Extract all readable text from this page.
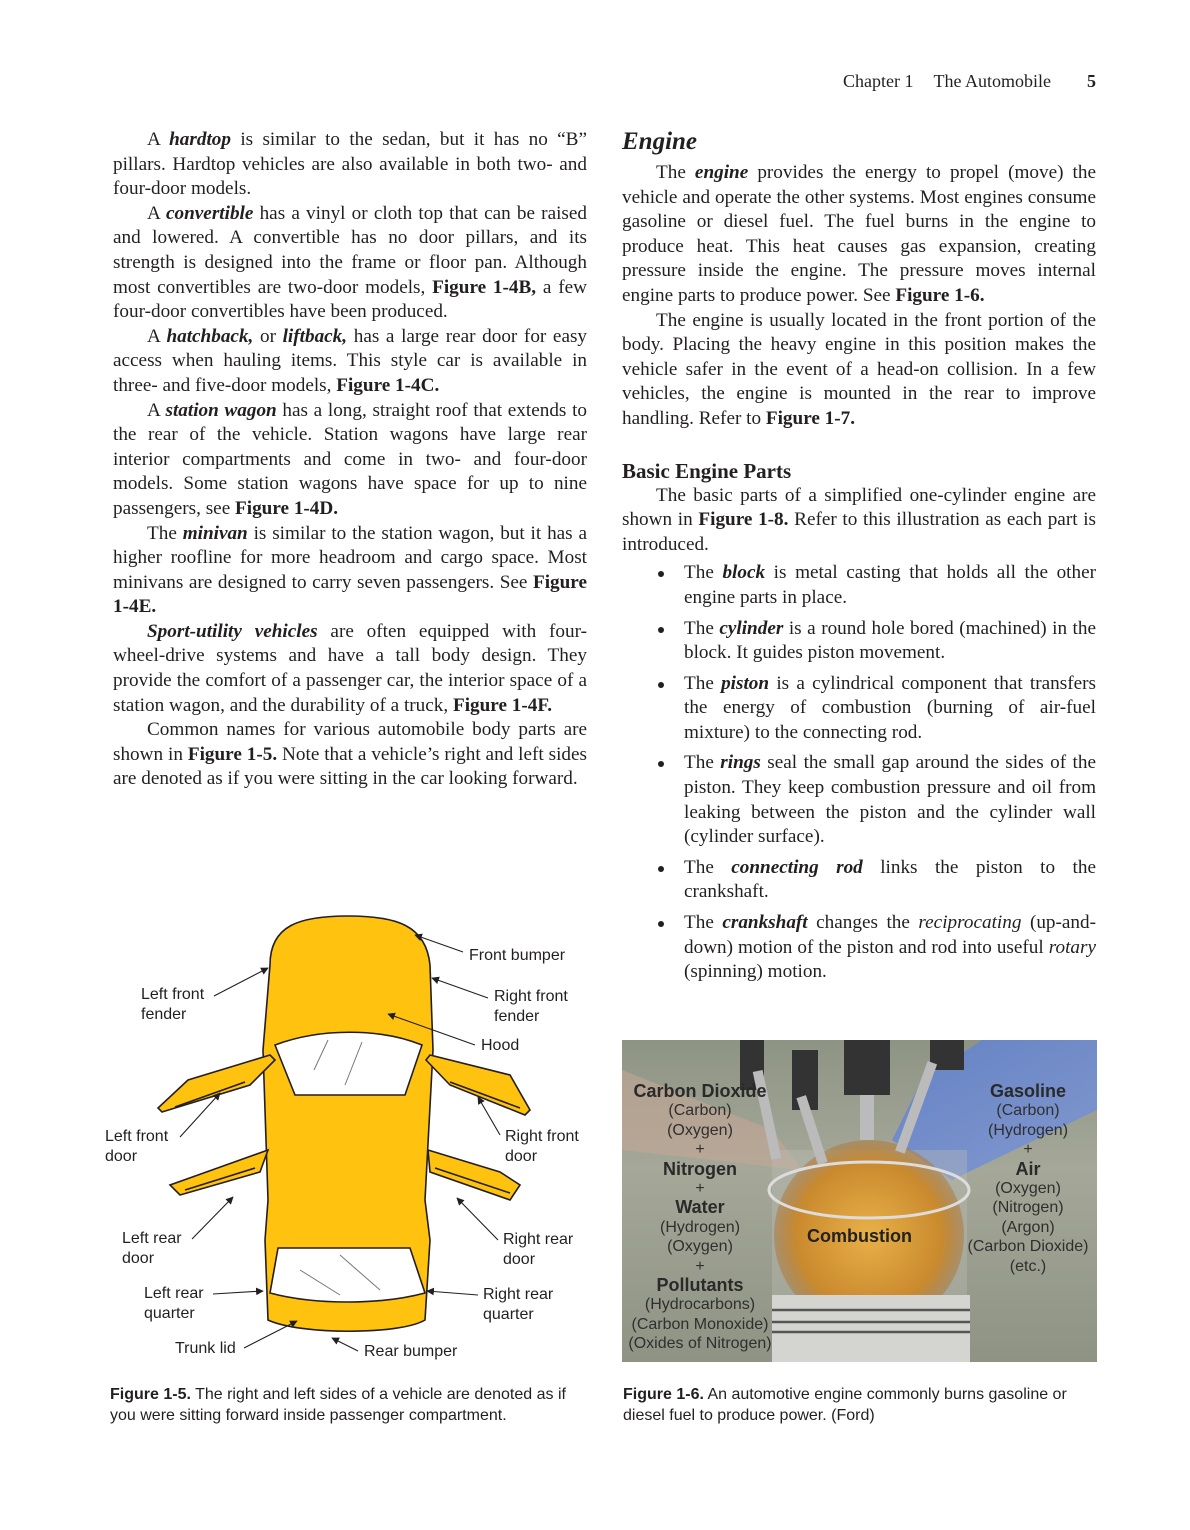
Chapter 1 The Automobile 5

A hardtop is similar to the sedan, but it has no “B” pillars. Hardtop vehicles are also available in both two- and four-door models.

A convertible has a vinyl or cloth top that can be raised and lowered. A convertible has no door pillars, and its strength is designed into the frame or floor pan. Although most convertibles are two-door models, Figure 1-4B, a few four-door convertibles have been produced.

A hatchback, or liftback, has a large rear door for easy access when hauling items. This style car is available in three- and five-door models, Figure 1-4C.

A station wagon has a long, straight roof that extends to the rear of the vehicle. Station wagons have large rear interior compartments and come in two- and four-door models. Some station wagons have space for up to nine passengers, see Figure 1-4D.

The minivan is similar to the station wagon, but it has a higher roofline for more headroom and cargo space. Most minivans are designed to carry seven passengers. See Figure 1-4E.

Sport-utility vehicles are often equipped with four-wheel-drive systems and have a tall body design. They provide the comfort of a passenger car, the interior space of a station wagon, and the durability of a truck, Figure 1-4F.

Common names for various automobile body parts are shown in Figure 1-5. Note that a vehicle’s right and left sides are denoted as if you were sitting in the car looking forward.

Engine

The engine provides the energy to propel (move) the vehicle and operate the other systems. Most engines consume gasoline or diesel fuel. The fuel burns in the engine to produce heat. This heat causes gas expansion, creating pressure inside the engine. The pressure moves internal engine parts to produce power. See Figure 1-6.

The engine is usually located in the front portion of the body. Placing the heavy engine in this position makes the vehicle safer in the event of a head-on collision. In a few vehicles, the engine is mounted in the rear to improve handling. Refer to Figure 1-7.

Basic Engine Parts

The basic parts of a simplified one-cylinder engine are shown in Figure 1-8. Refer to this illustration as each part is introduced.

The block is metal casting that holds all the other engine parts in place.
The cylinder is a round hole bored (machined) in the block. It guides piston movement.
The piston is a cylindrical component that transfers the energy of combustion (burning of air-fuel mixture) to the connecting rod.
The rings seal the small gap around the sides of the piston. They keep combustion pressure and oil from leaking between the piston and the cylinder wall (cylinder surface).
The connecting rod links the piston to the crankshaft.
The crankshaft changes the reciprocating (up-and-down) motion of the piston and rod into useful rotary (spinning) motion.
Front bumper
Left front
fender
Right front
fender
Hood
Left front
door
Right front
door
Left rear
door
Right rear
door
Left rear
quarter
Right rear
quarter
Trunk lid	Rear bumper
Figure 1-5. The right and left sides of a vehicle are denoted as if you were sitting forward inside passenger compartment.
Carbon Dioxide
(Carbon)
(Oxygen)
+
Nitrogen
+
Water
(Hydrogen)
(Oxygen)
+
Pollutants
(Hydrocarbons)
(Carbon Monoxide)
(Oxides of Nitrogen)
Gasoline
(Carbon)
(Hydrogen)
+
Air
(Oxygen)
(Nitrogen)
(Argon)
(Carbon Dioxide)
(etc.)
Combustion
Figure 1-6. An automotive engine commonly burns gasoline or diesel fuel to produce power. (Ford)
